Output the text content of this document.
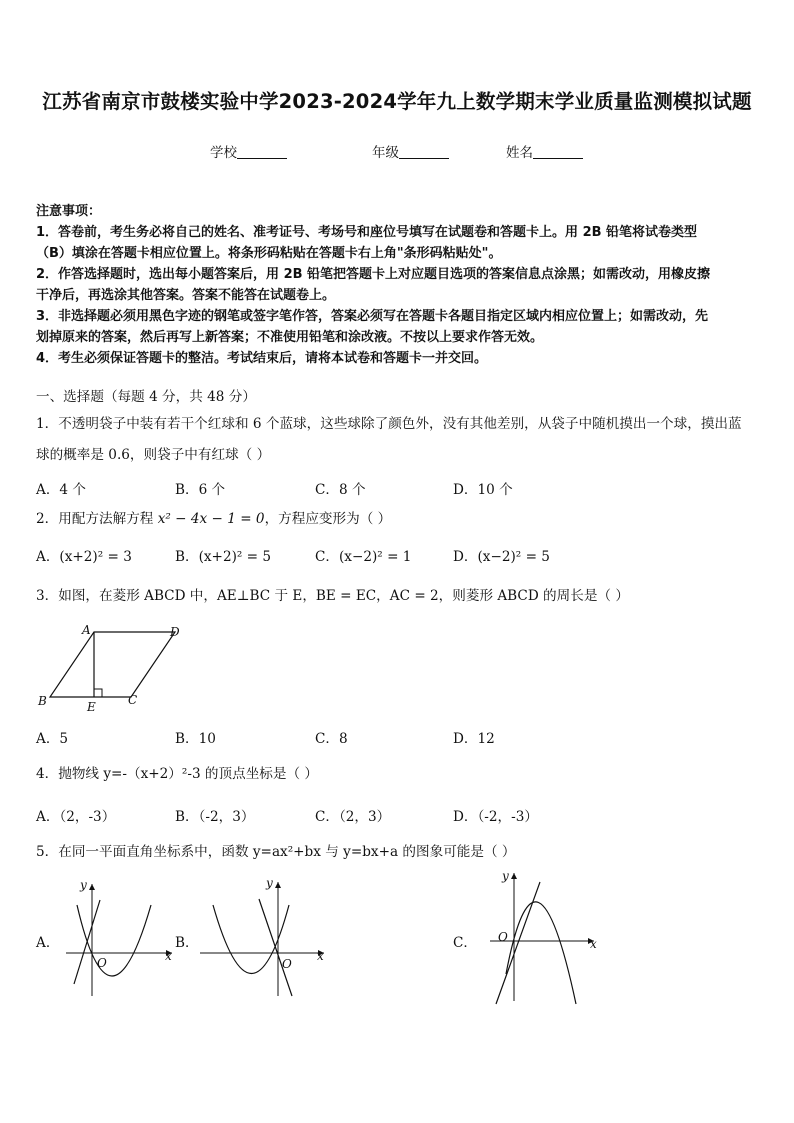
江苏省南京市鼓楼实验中学2023-2024学年九上数学期末学业质量监测模拟试题
学校	年级	姓名
注意事项：
1．答卷前，考生务必将自己的姓名、准考证号、考场号和座位号填写在试题卷和答题卡上。用 2B 铅笔将试卷类型
（B）填涂在答题卡相应位置上。将条形码粘贴在答题卡右上角"条形码粘贴处"。
2．作答选择题时，选出每小题答案后，用 2B 铅笔把答题卡上对应题目选项的答案信息点涂黑；如需改动，用橡皮擦
干净后，再选涂其他答案。答案不能答在试题卷上。
3．非选择题必须用黑色字迹的钢笔或签字笔作答，答案必须写在答题卡各题目指定区域内相应位置上；如需改动，先
划掉原来的答案，然后再写上新答案；不准使用铅笔和涂改液。不按以上要求作答无效。
4．考生必须保证答题卡的整洁。考试结束后，请将本试卷和答题卡一并交回。
一、选择题（每题 4 分，共 48 分）
1．不透明袋子中装有若干个红球和 6 个蓝球，这些球除了颜色外，没有其他差别，从袋子中随机摸出一个球，摸出蓝
球的概率是 0.6，则袋子中有红球（ ）
A．4 个	B．6 个	C．8 个	D．10 个
2．用配方法解方程 x² − 4x − 1 = 0，方程应变形为（ ）
A．(x+2)² = 3	B．(x+2)² = 5	C．(x−2)² = 1	D．(x−2)² = 5
3．如图，在菱形 ABCD 中，AE⊥BC 于 E，BE = EC，AC = 2，则菱形 ABCD 的周长是（ ）
A	D
B	C
E
A．5	B．10	C．8	D．12
4．抛物线 y=-（x+2）²-3 的顶点坐标是（ ）
A．（2，-3）	B．（-2，3）	C．（2，3）	D．（-2，-3）
5．在同一平面直角坐标系中，函数 y=ax²+bx 与 y=bx+a 的图象可能是（ ）
A．	B．	C．
y
x
O
y
x
O
y
x
O
